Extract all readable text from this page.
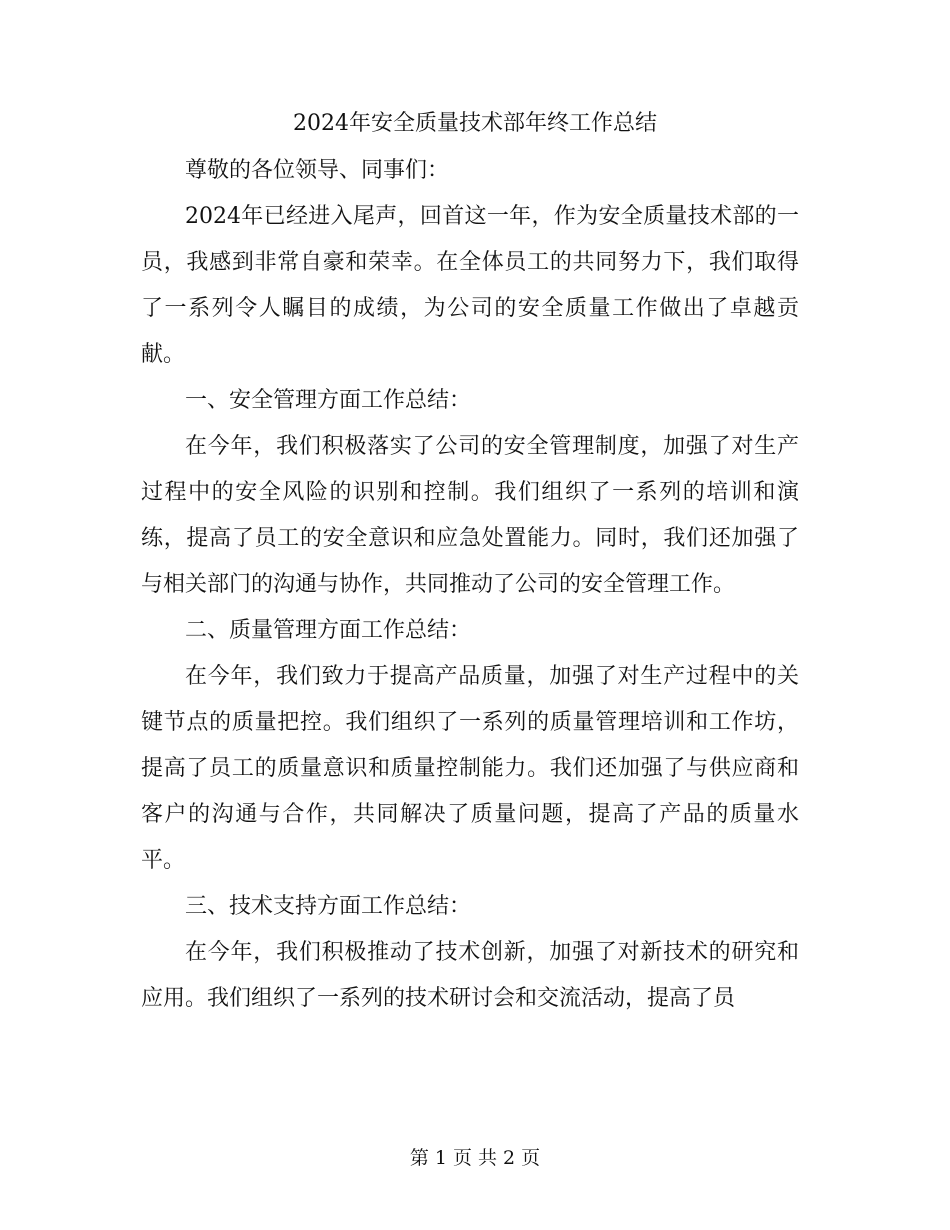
2024年安全质量技术部年终工作总结

尊敬的各位领导、同事们：

2024年已经进入尾声，回首这一年，作为安全质量技术部的一员，我感到非常自豪和荣幸。在全体员工的共同努力下，我们取得了一系列令人瞩目的成绩，为公司的安全质量工作做出了卓越贡献。

一、安全管理方面工作总结：

在今年，我们积极落实了公司的安全管理制度，加强了对生产过程中的安全风险的识别和控制。我们组织了一系列的培训和演练，提高了员工的安全意识和应急处置能力。同时，我们还加强了与相关部门的沟通与协作，共同推动了公司的安全管理工作。

二、质量管理方面工作总结：

在今年，我们致力于提高产品质量，加强了对生产过程中的关键节点的质量把控。我们组织了一系列的质量管理培训和工作坊，提高了员工的质量意识和质量控制能力。我们还加强了与供应商和客户的沟通与合作，共同解决了质量问题，提高了产品的质量水平。

三、技术支持方面工作总结：

在今年，我们积极推动了技术创新，加强了对新技术的研究和应用。我们组织了一系列的技术研讨会和交流活动，提高了员

第 1 页 共 2 页
